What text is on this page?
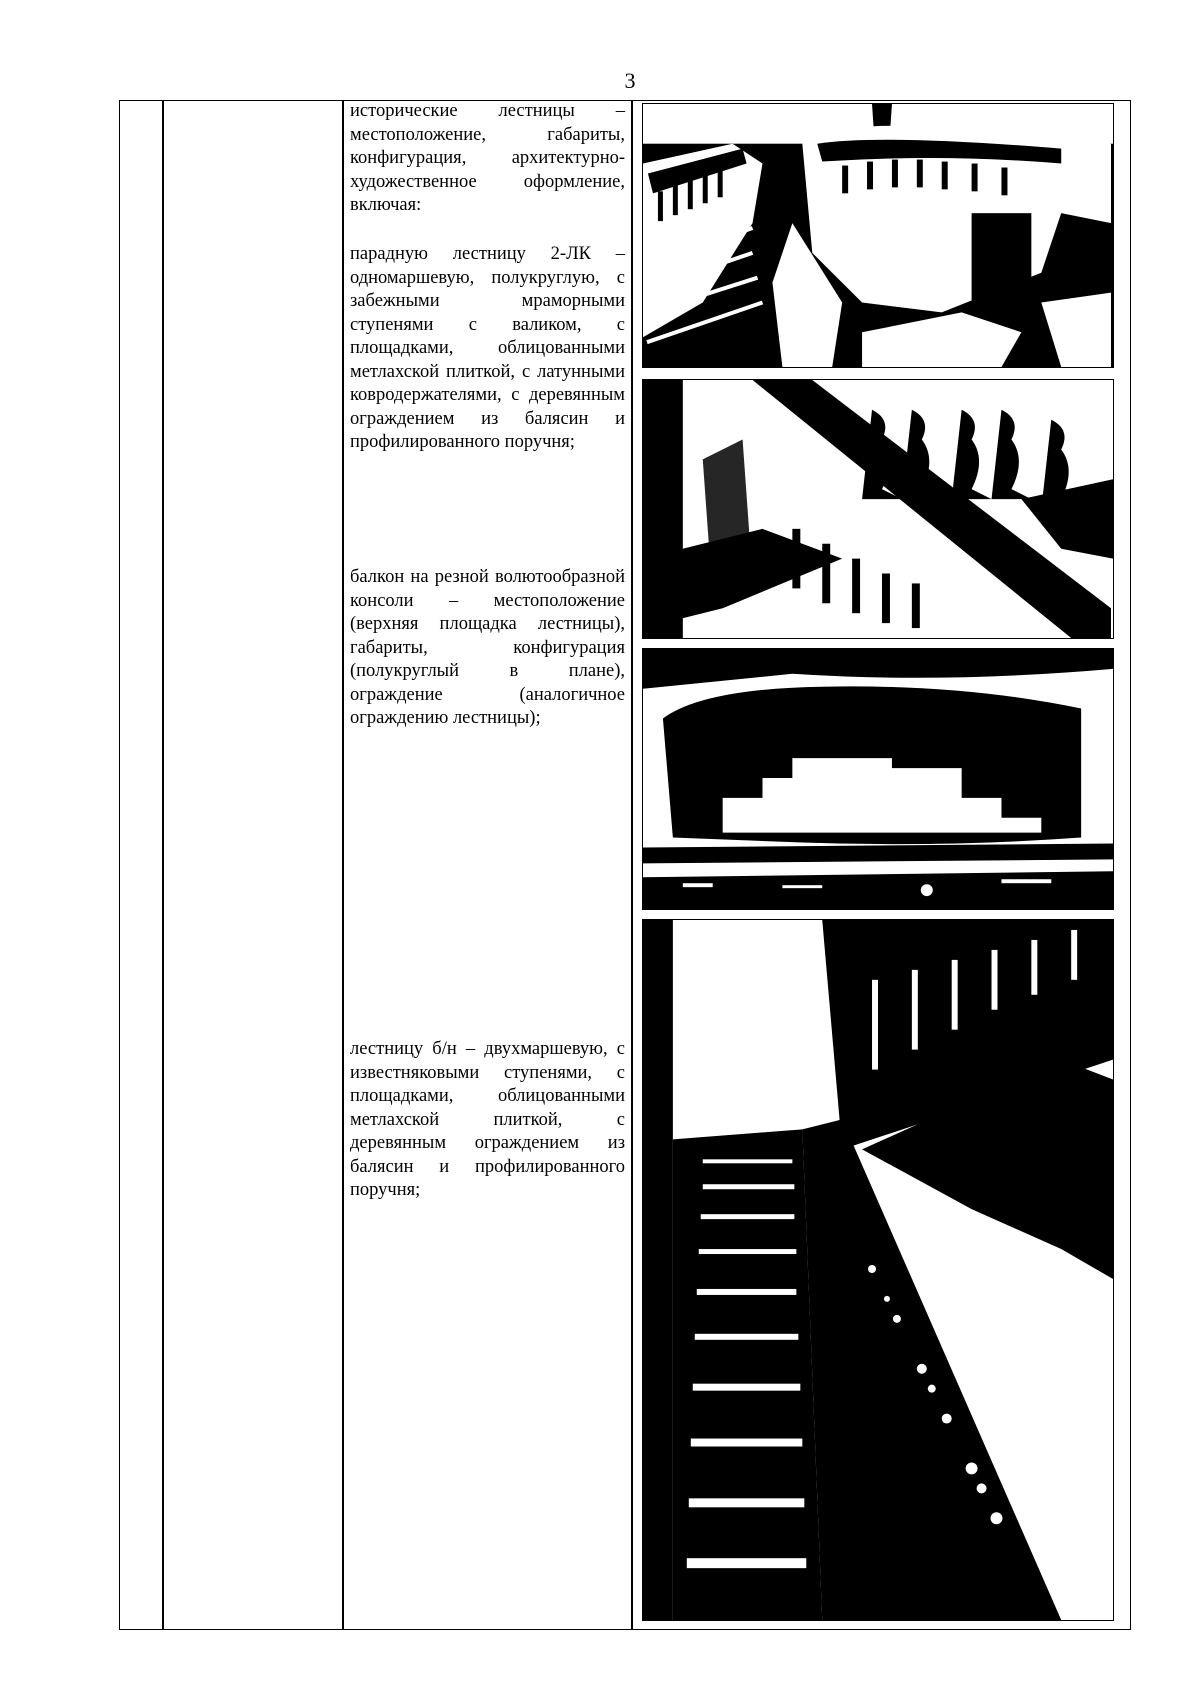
3

исторические лестницы – местоположение, габариты, конфигурация, архитектурно-художественное оформление, включая:

парадную лестницу 2-ЛК – одномаршевую, полукруглую, с забежными мраморными ступенями с валиком, с площадками, облицованными метлахской плиткой, с латунными ковродержателями, с деревянным ограждением из балясин и профилированного поручня;

балкон на резной волютообразной консоли – местоположение (верхняя площадка лестницы), габариты, конфигурация (полукруглый в плане), ограждение (аналогичное ограждению лестницы);

лестницу б/н – двухмаршевую, с известняковыми ступенями, с площадками, облицованными метлахской плиткой, с деревянным ограждением из балясин и профилированного поручня;
